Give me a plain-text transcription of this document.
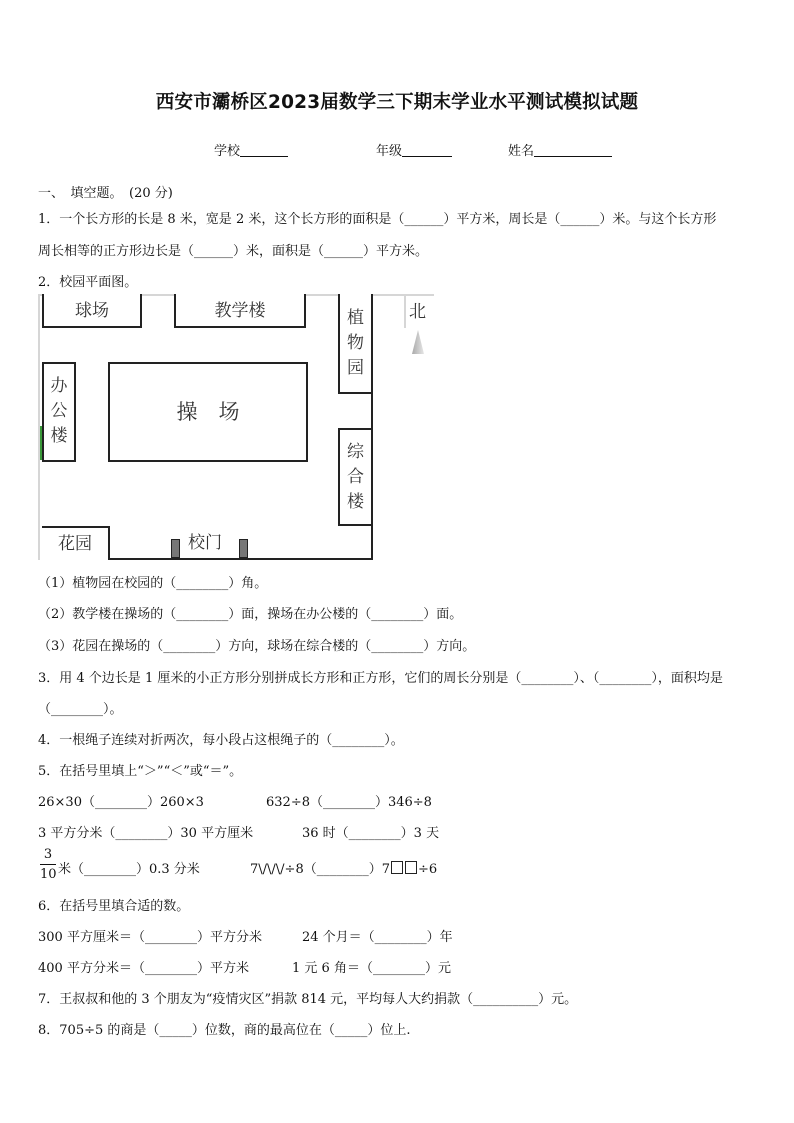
西安市灞桥区2023届数学三下期末学业水平测试模拟试题
学校	年级	姓名
一、　填空题。　(20 分)
1．一个长方形的长是 8 米，宽是 2 米，这个长方形的面积是（______）平方米，周长是（______）米。与这个长方形
周长相等的正方形边长是（______）米，面积是（______）平方米。
2．校园平面图。
球场	教学楼	植
物
园
北
办
公
楼
操　场
综
合
楼
花园	校门
（1）植物园在校园的（________）角。
（2）教学楼在操场的（________）面，操场在办公楼的（________）面。
（3）花园在操场的（________）方向，球场在综合楼的（________）方向。
3．用 4 个边长是 1 厘米的小正方形分别拼成长方形和正方形，它们的周长分别是（________）、（________），面积均是
（________）。
4．一根绳子连续对折两次，每小段占这根绳子的（________）。
5．在括号里填上“＞”“＜”或“＝”。
26×30（________）260×3	632÷8（________）346÷8
3 平方分米（________）30 平方厘米	36 时（________）3 天
3
10 米（________）0.3 分米	7\/\/\/÷8（________）7 ÷6
6．在括号里填合适的数。
300 平方厘米＝（________）平方分米	24 个月＝（________）年
400 平方分米＝（________）平方米	1 元 6 角＝（________）元
7．王叔叔和他的 3 个朋友为“疫情灾区”捐款 814 元，平均每人大约捐款（__________）元。
8．705÷5 的商是（_____）位数，商的最高位在（_____）位上.
